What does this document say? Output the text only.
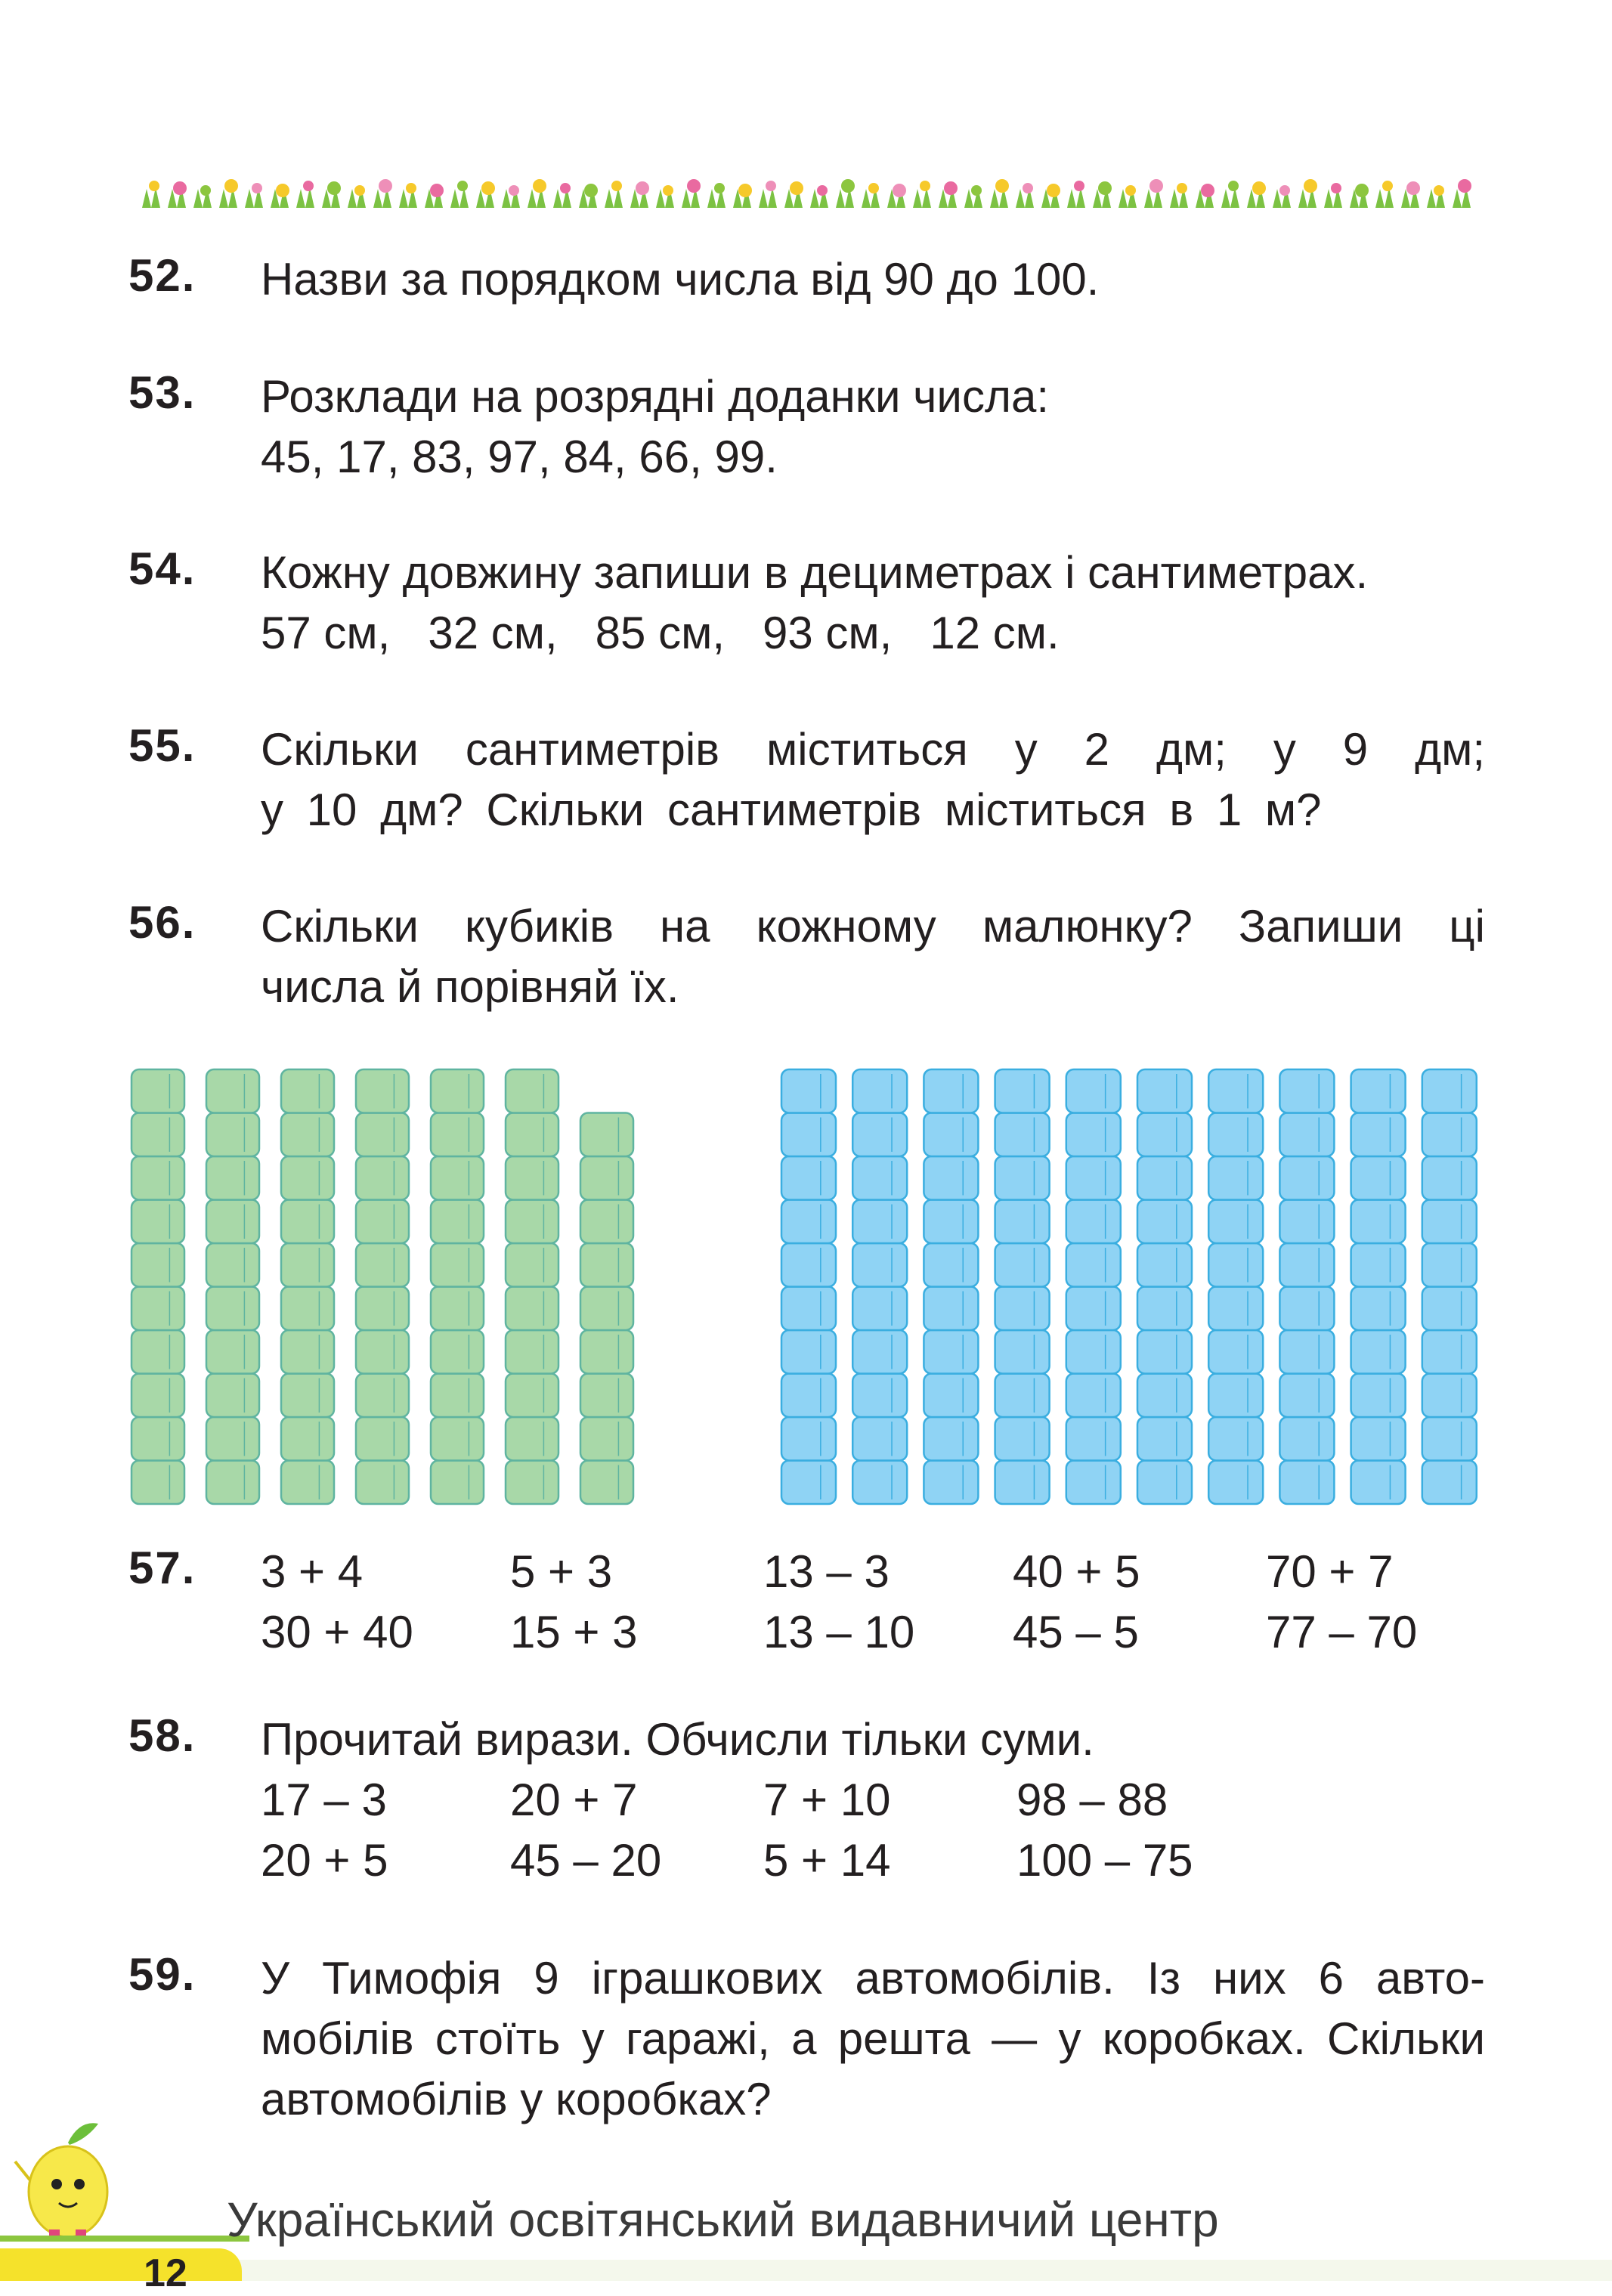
52.	Назви за порядком числа від 90 до 100.
53.	Розклади на розрядні доданки числа:
45, 17, 83, 97, 84, 66, 99.
54.	Кожну довжину запиши в дециметрах і сантиметрах.
57 см,   32 см,   85 см,   93 см,   12 см.
55.	Скільки сантиметрів міститься у 2 дм; у 9 дм;
у 10 дм? Скільки сантиметрів міститься в 1 м?
56.	Скільки кубиків на кожному малюнку? Запиши ці
числа й порівняй їх.
57.	3 + 4	5 + 3	13 – 3	40 + 5	70 + 7
30 + 40	15 + 3	13 – 10	45 – 5	77 – 70
58.	Прочитай вирази. Обчисли тільки суми.
17 – 3	20 + 7	7 + 10	98 – 88
20 + 5	45 – 20	5 + 14	100 – 75
59.	У Тимофія 9 іграшкових автомобілів. Із них 6 авто-
мобілів стоїть у гаражі, а решта — у коробках. Скільки
автомобілів у коробках?
Український освітянський видавничий центр
12
